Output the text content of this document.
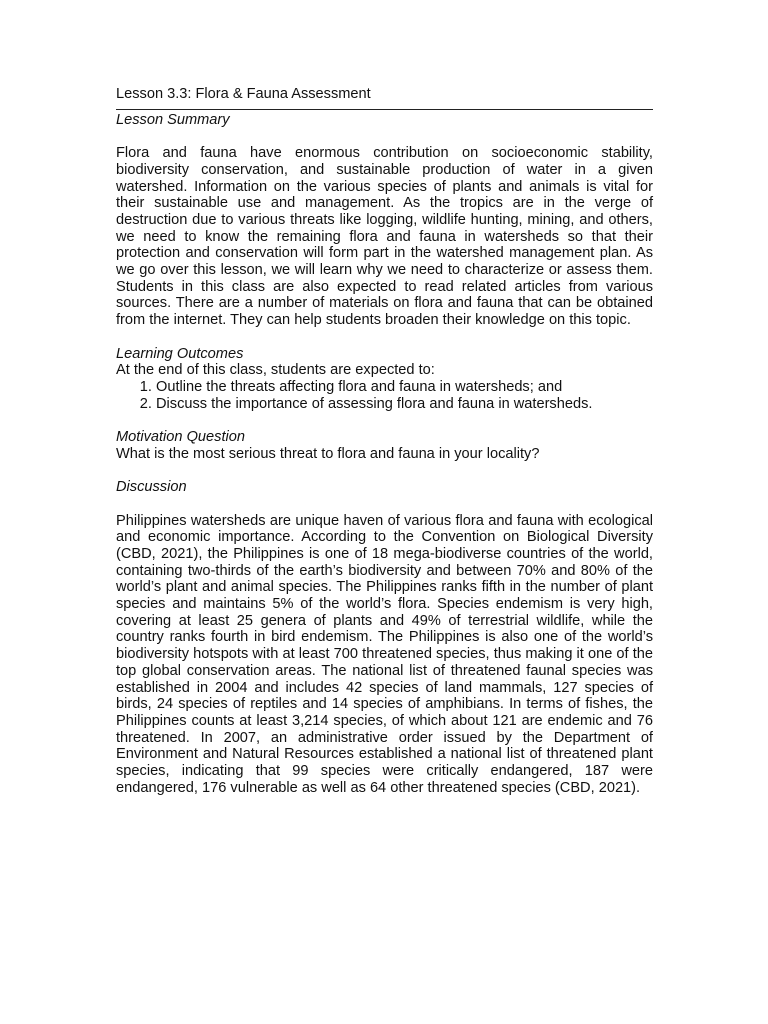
Lesson 3.3: Flora & Fauna Assessment

Lesson Summary

Flora and fauna have enormous contribution on socioeconomic stability, biodiversity conservation, and sustainable production of water in a given watershed. Information on the various species of plants and animals is vital for their sustainable use and management. As the tropics are in the verge of destruction due to various threats like logging, wildlife hunting, mining, and others, we need to know the remaining flora and fauna in watersheds so that their protection and conservation will form part in the watershed management plan. As we go over this lesson, we will learn why we need to characterize or assess them. Students in this class are also expected to read related articles from various sources. There are a number of materials on flora and fauna that can be obtained from the internet. They can help students broaden their knowledge on this topic.

Learning Outcomes

At the end of this class, students are expected to:

1. Outline the threats affecting flora and fauna in watersheds; and
2. Discuss the importance of assessing flora and fauna in watersheds.

Motivation Question

What is the most serious threat to flora and fauna in your locality?

Discussion

Philippines watersheds are unique haven of various flora and fauna with ecological and economic importance. According to the Convention on Biological Diversity (CBD, 2021), the Philippines is one of 18 mega-biodiverse countries of the world, containing two-thirds of the earth’s biodiversity and between 70% and 80% of the world’s plant and animal species. The Philippines ranks fifth in the number of plant species and maintains 5% of the world’s flora. Species endemism is very high, covering at least 25 genera of plants and 49% of terrestrial wildlife, while the country ranks fourth in bird endemism. The Philippines is also one of the world’s biodiversity hotspots with at least 700 threatened species, thus making it one of the top global conservation areas. The national list of threatened faunal species was established in 2004 and includes 42 species of land mammals, 127 species of birds, 24 species of reptiles and 14 species of amphibians. In terms of fishes, the Philippines counts at least 3,214 species, of which about 121 are endemic and 76 threatened. In 2007, an administrative order issued by the Department of Environment and Natural Resources established a national list of threatened plant species, indicating that 99 species were critically endangered, 187 were endangered, 176 vulnerable as well as 64 other threatened species (CBD, 2021).
